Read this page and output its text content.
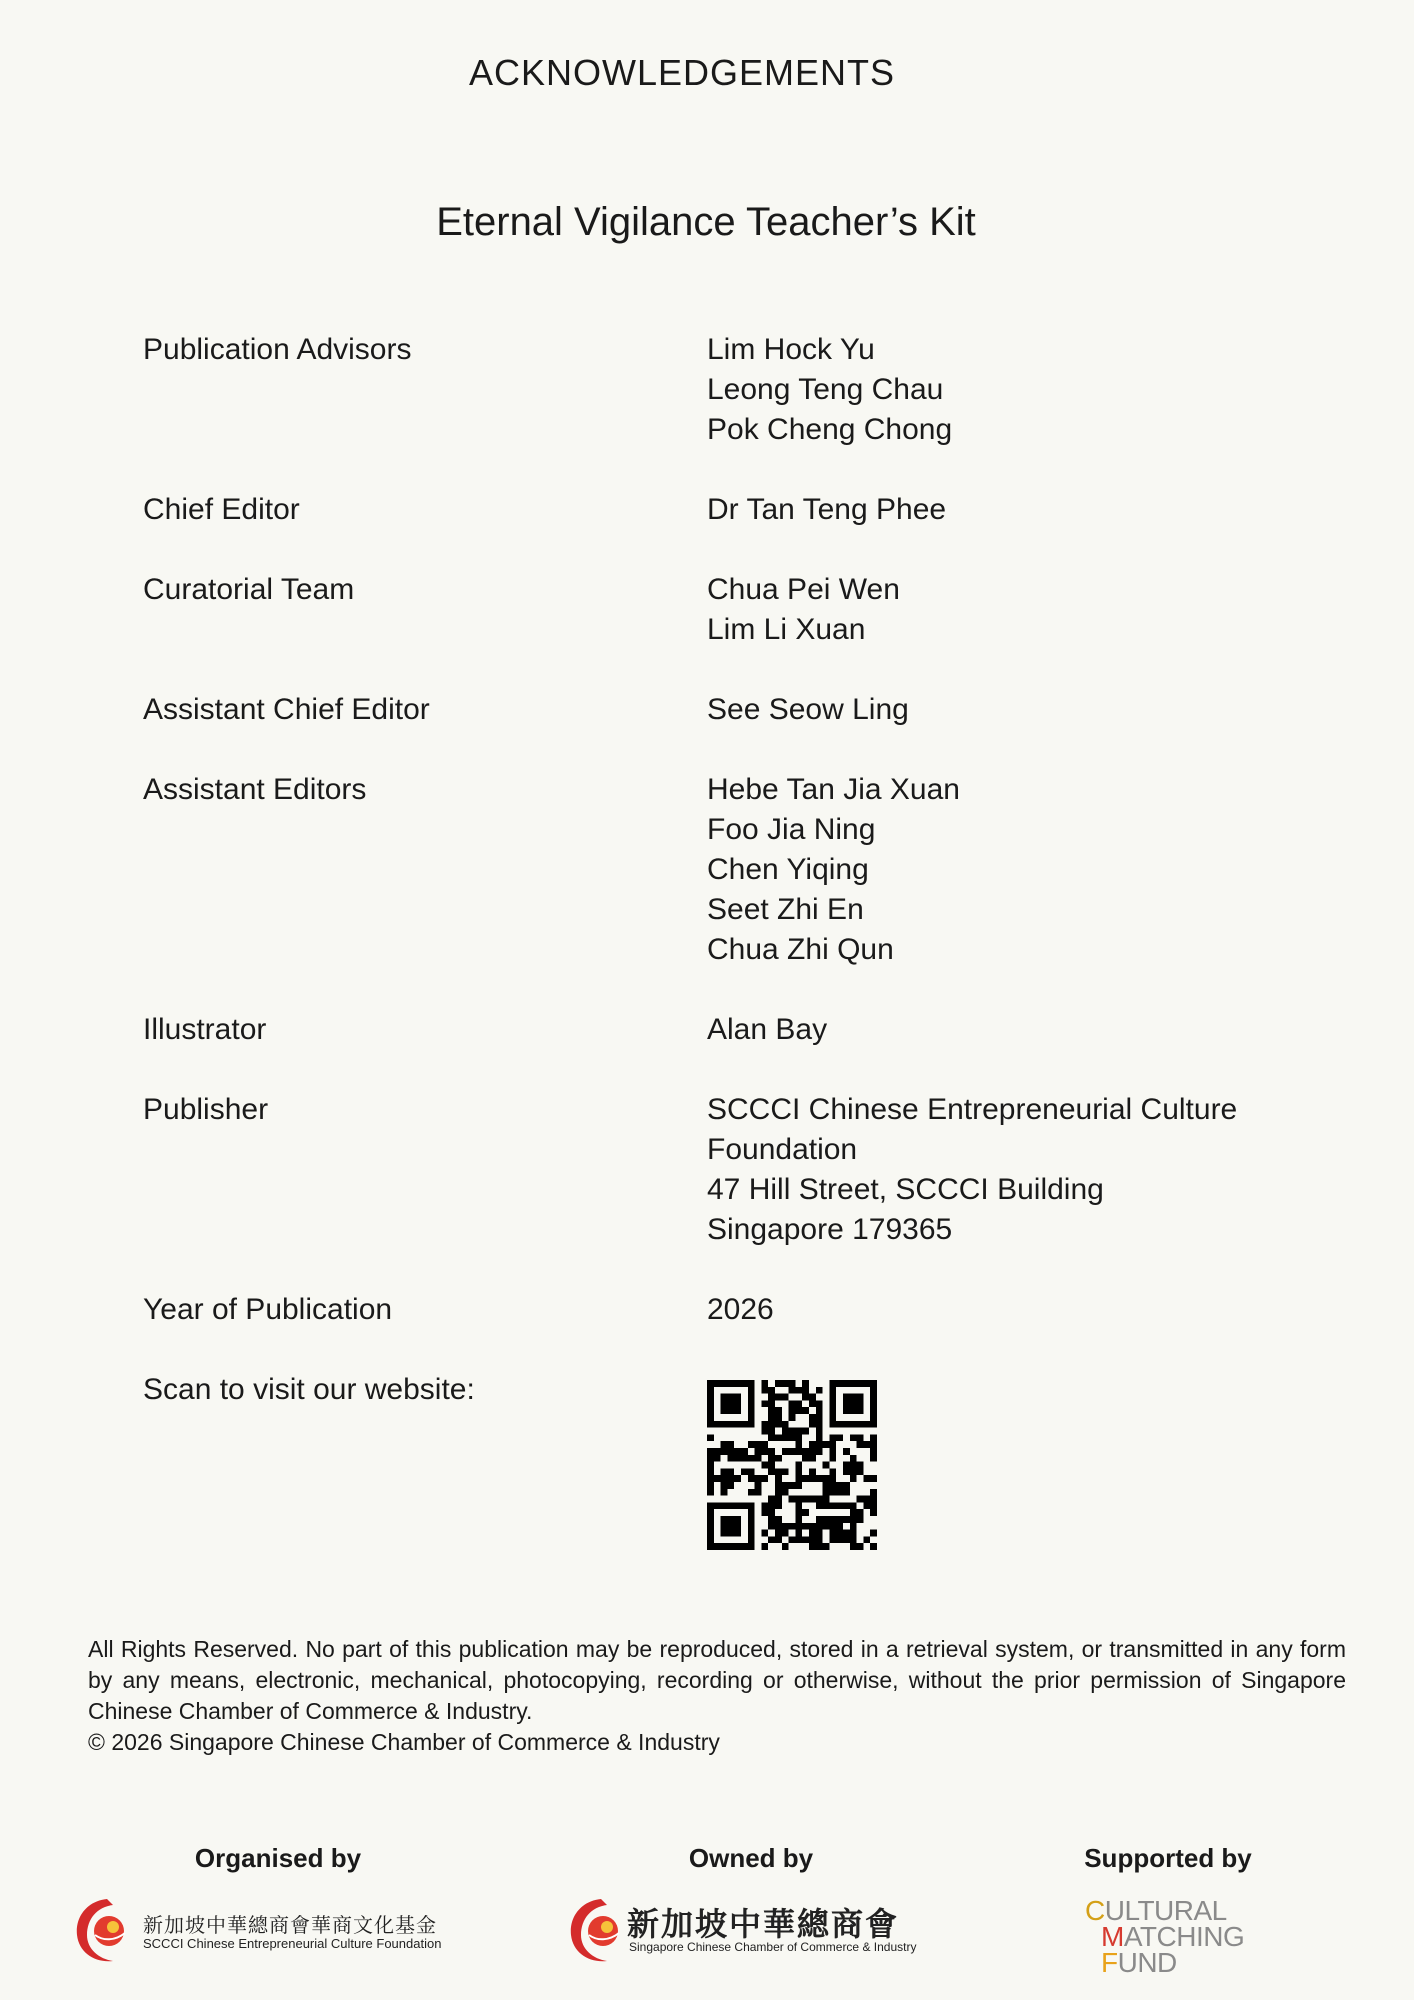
ACKNOWLEDGEMENTS
Eternal Vigilance Teacher’s Kit
Publication Advisors	Lim Hock Yu
Leong Teng Chau
Pok Cheng Chong
Chief Editor	Dr Tan Teng Phee
Curatorial Team	Chua Pei Wen
Lim Li Xuan
Assistant Chief Editor	See Seow Ling
Assistant Editors	Hebe Tan Jia Xuan
Foo Jia Ning
Chen Yiqing
Seet Zhi En
Chua Zhi Qun
Illustrator	Alan Bay
Publisher	SCCCI Chinese Entrepreneurial Culture
Foundation
47 Hill Street, SCCCI Building
Singapore 179365
Year of Publication	2026
Scan to visit our website:

All Rights Reserved. No part of this publication may be reproduced, stored in a retrieval system, or transmitted in any form by any means, electronic, mechanical, photocopying, recording or otherwise, without the prior permission of Singapore Chinese Chamber of Commerce & Industry.

© 2026 Singapore Chinese Chamber of Commerce & Industry

Organised by	Owned by	Supported by
新加坡中華總商會華商文化基金
SCCCI Chinese Entrepreneurial Culture Foundation
新加坡中華總商會
Singapore Chinese Chamber of Commerce & Industry
CULTURAL
MATCHING
FUND
